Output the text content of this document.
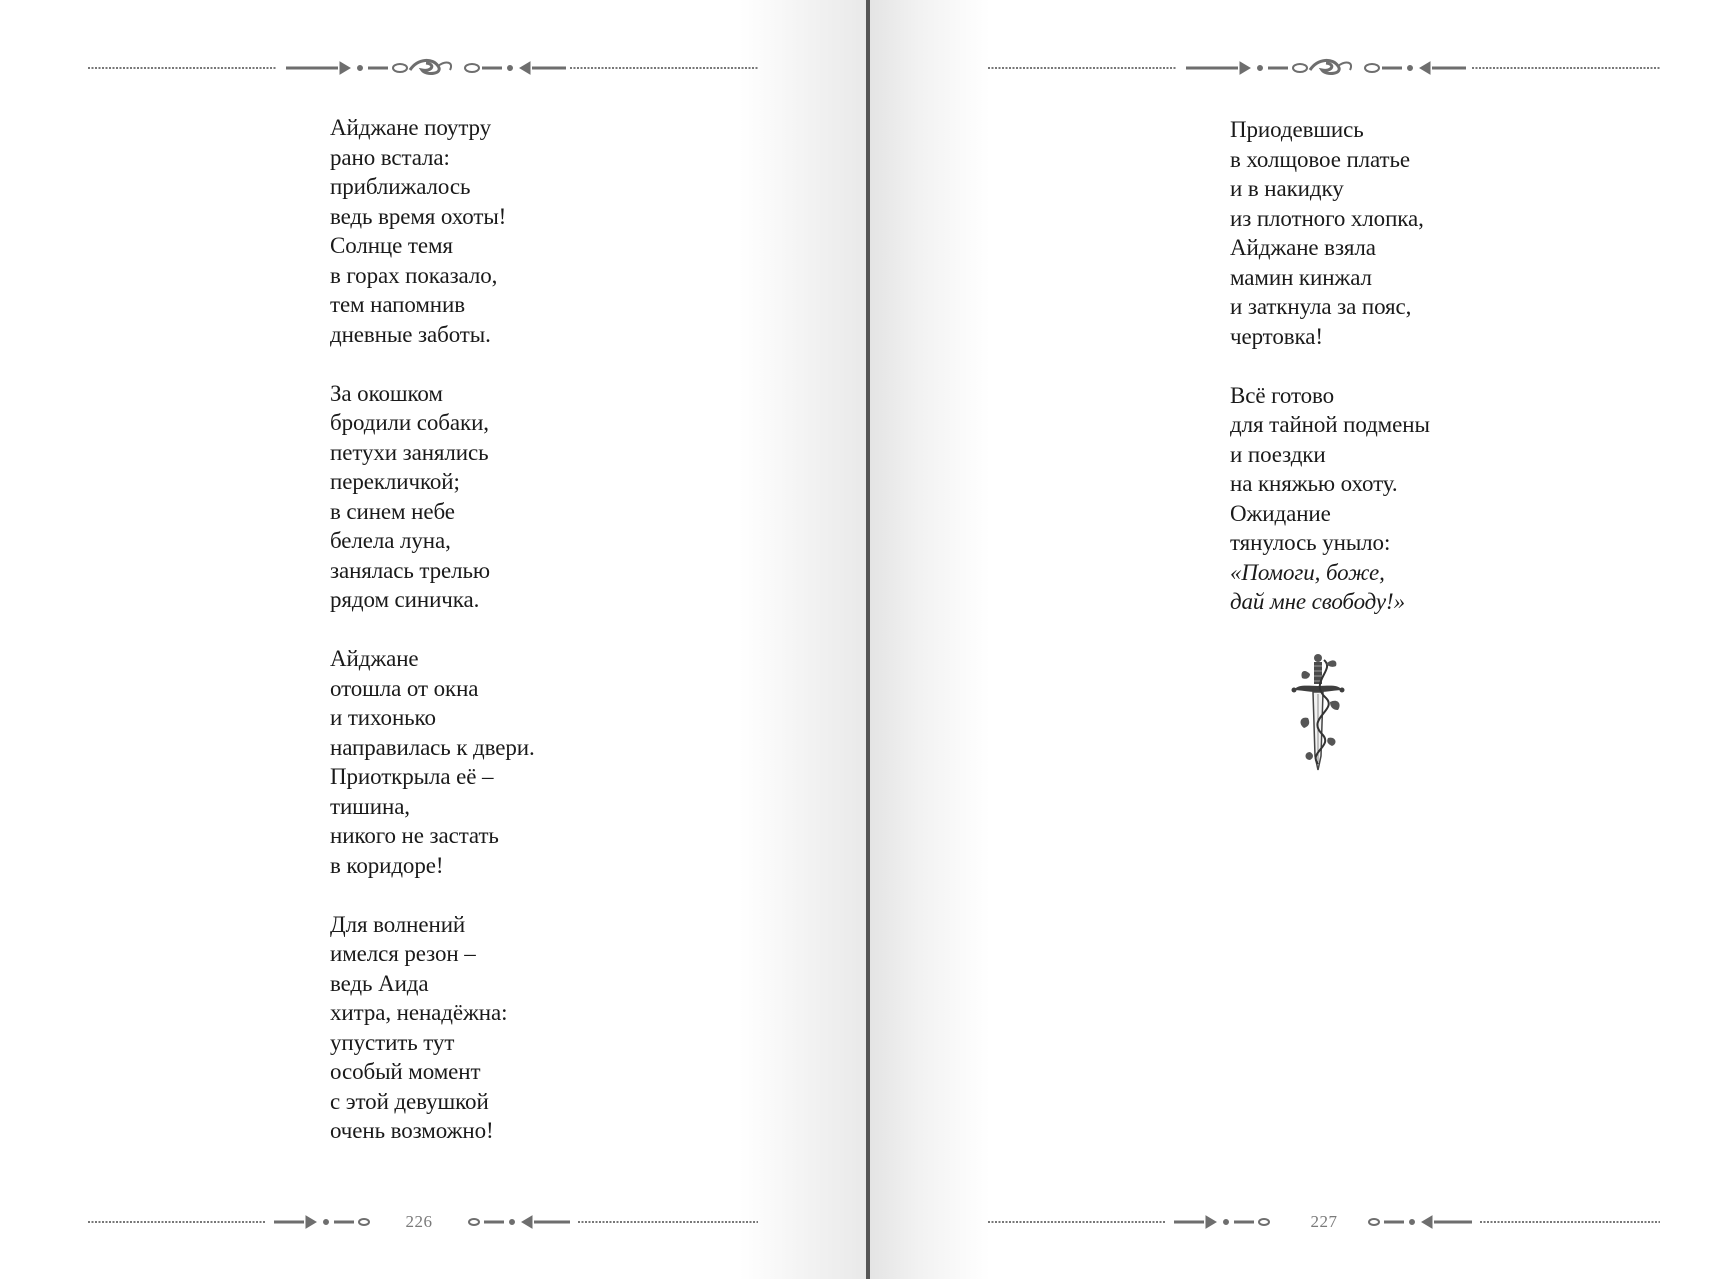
Айджане поутру
рано встала:
приближалось
ведь время охоты!
Солнце темя
в горах показало,
тем напомнив
дневные заботы.
За окошком
бродили собаки,
петухи занялись
перекличкой;
в синем небе
белела луна,
занялась трелью
рядом синичка.
Айджане
отошла от окна
и тихонько
направилась к двери.
Приоткрыла её –
тишина,
никого не застать
в коридоре!
Для волнений
имелся резон –
ведь Аида
хитра, ненадёжна:
упустить тут
особый момент
с этой девушкой
очень возможно!
226
Приодевшись
в холщовое платье
и в накидку
из плотного хлопка,
Айджане взяла
мамин кинжал
и заткнула за пояс,
чертовка!
Всё готово
для тайной подмены
и поездки
на княжью охоту.
Ожидание
тянулось уныло:
«Помоги, боже,
дай мне свободу!»
227
